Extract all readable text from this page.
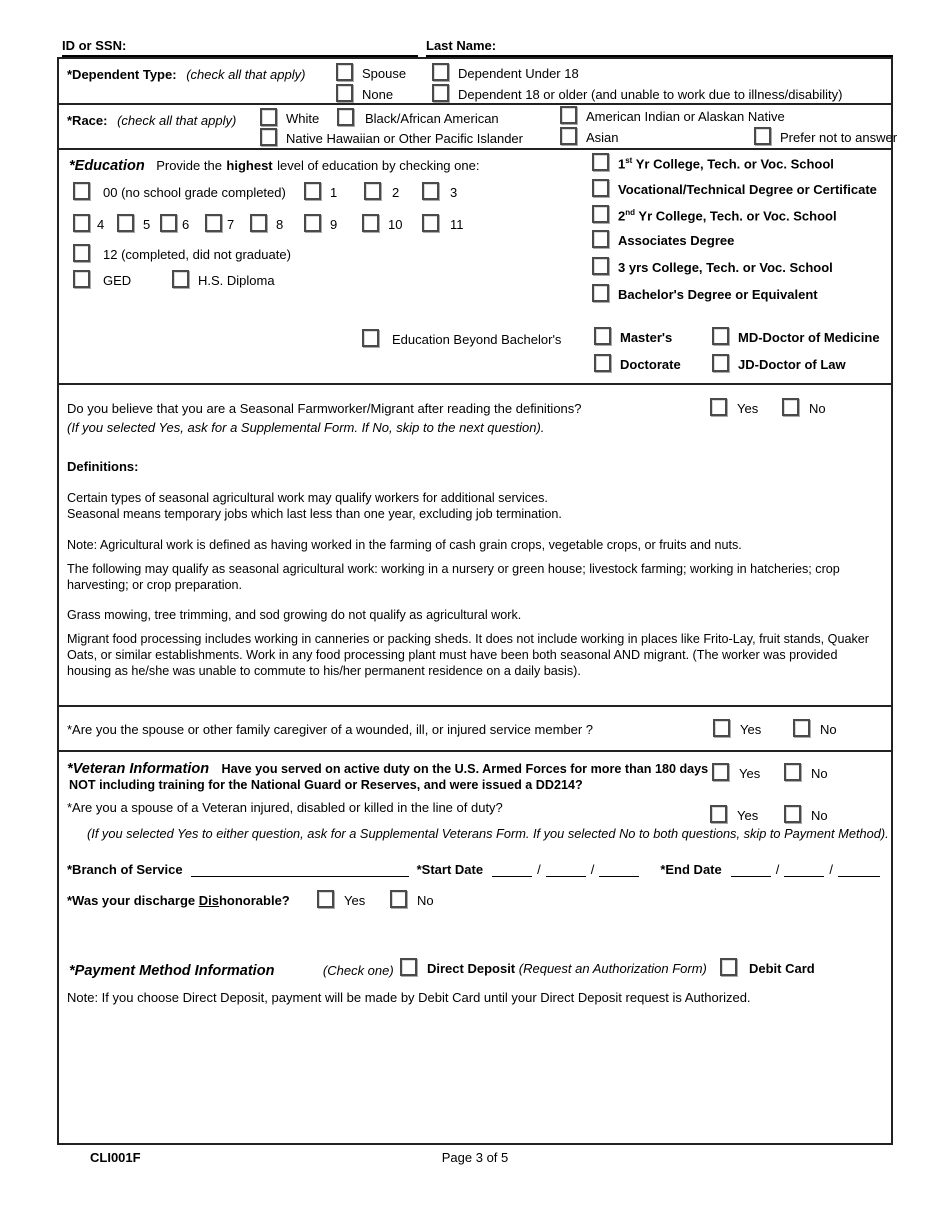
ID or SSN:	Last Name:
*Dependent Type: (check all that apply)	Spouse	Dependent Under 18
None	Dependent 18 or older (and unable to work due to illness/disability)
*Race: (check all that apply)	White	Black/African American	American Indian or Alaskan Native
Native Hawaiian or Other Pacific Islander	Asian	Prefer not to answer
*Education Provide the highest level of education by checking one:
00 (no school grade completed)	1	2	3
4	5 6	7	8	9	10	11
12 (completed, did not graduate)
GED	H.S. Diploma
1st Yr College, Tech. or Voc. School
Vocational/Technical Degree or Certificate
2nd Yr College, Tech. or Voc. School
Associates Degree
3 yrs College, Tech. or Voc. School
Bachelor's Degree or Equivalent
Education Beyond Bachelor's	Master's	MD-Doctor of Medicine
Doctorate	JD-Doctor of Law
Do you believe that you are a Seasonal Farmworker/Migrant after reading the definitions?	Yes	No
(If you selected Yes, ask for a Supplemental Form. If No, skip to the next question).
Definitions:
Certain types of seasonal agricultural work may qualify workers for additional services.
Seasonal means temporary jobs which last less than one year, excluding job termination.
Note: Agricultural work is defined as having worked in the farming of cash grain crops, vegetable crops, or fruits and nuts.
The following may qualify as seasonal agricultural work: working in a nursery or green house; livestock farming; working in hatcheries; crop harvesting; or crop preparation.
Grass mowing, tree trimming, and sod growing do not qualify as agricultural work.
Migrant food processing includes working in canneries or packing sheds. It does not include working in places like Frito-Lay, fruit stands, Quaker Oats, or similar establishments. Work in any food processing plant must have been both seasonal AND migrant. (The worker was provided housing as he/she was unable to commute to his/her permanent residence on a daily basis).
*Are you the spouse or other family caregiver of a wounded, ill, or injured service member ?	Yes	No
*Veteran Information Have you served on active duty on the U.S. Armed Forces for more than 180 days
NOT including training for the National Guard or Reserves, and were issued a DD214?
Yes	No
*Are you a spouse of a Veteran injured, disabled or killed in the line of duty?
Yes	No
(If you selected Yes to either question, ask for a Supplemental Veterans Form. If you selected No to both questions, skip to Payment Method).
*Branch of Service	*Start Date	/	/	*End Date	/	/
*Was your discharge Dishonorable?	Yes	No
*Payment Method Information	(Check one)	Direct Deposit (Request an Authorization Form)	Debit Card
Note: If you choose Direct Deposit, payment will be made by Debit Card until your Direct Deposit request is Authorized.
CLI001F	Page 3 of 5
